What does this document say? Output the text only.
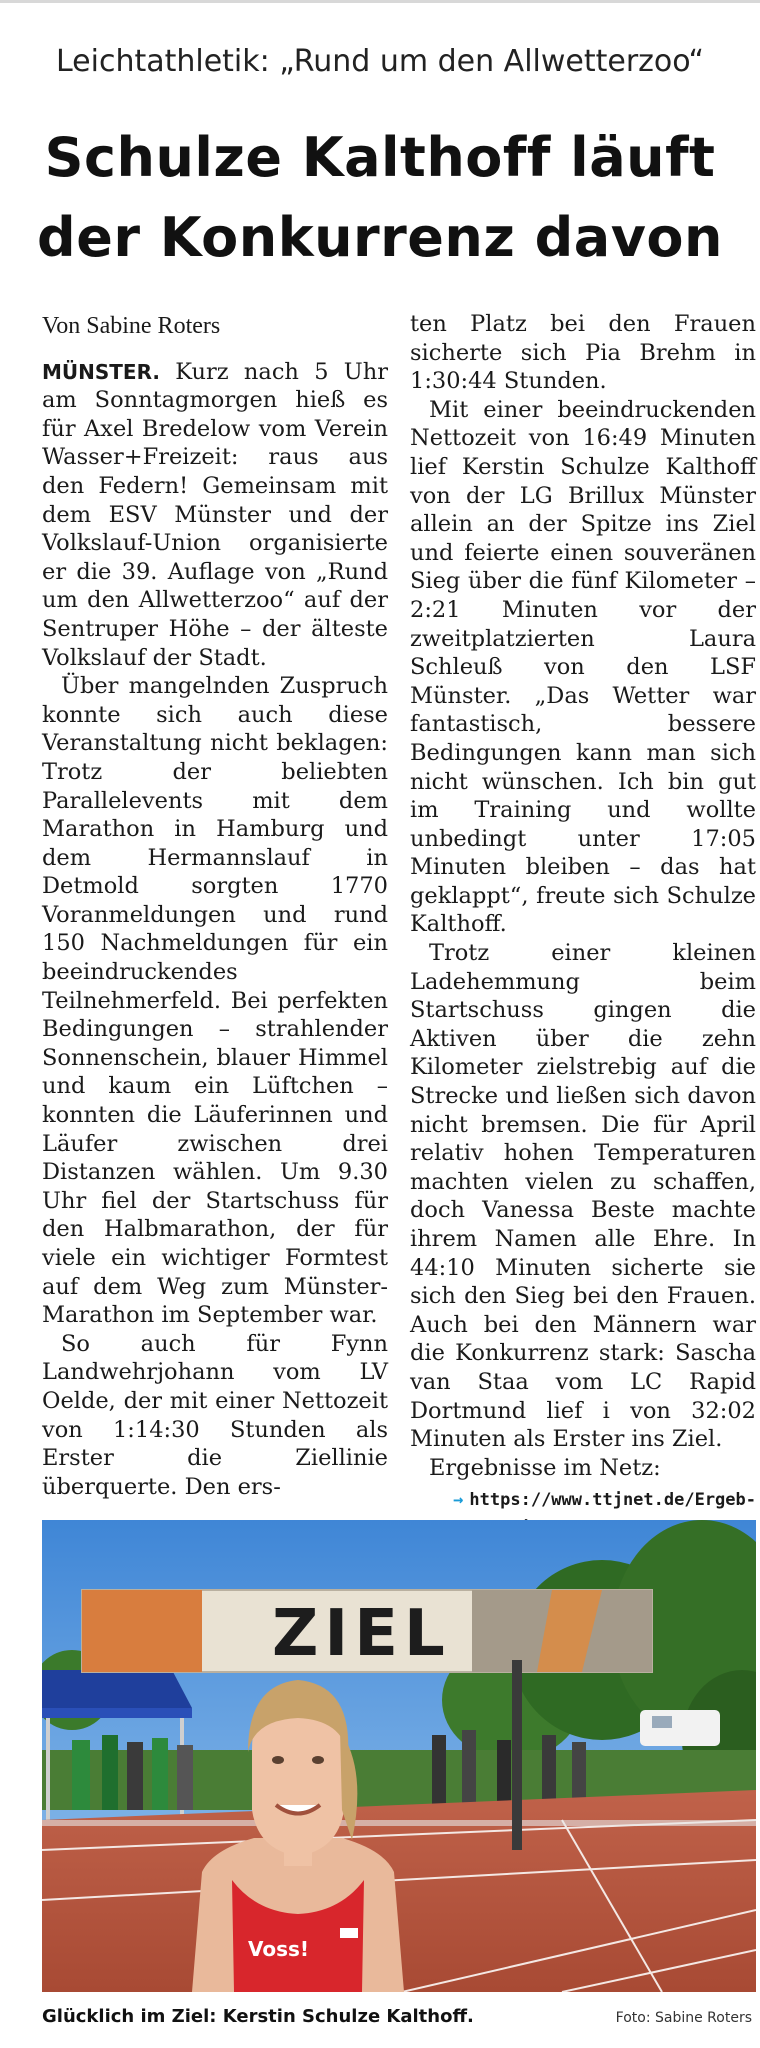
Leichtathletik: „Rund um den Allwetterzoo“
Schulze Kalthoff läuft
der Konkurrenz davon
Von Sabine Roters

MÜNSTER. Kurz nach 5 Uhr am Sonntagmorgen hieß es für Axel Bredelow vom Verein Wasser+Freizeit: raus aus den Federn! Gemeinsam mit dem ESV Münster und der Volkslauf-Union organisierte er die 39. Auflage von „Rund um den Allwetterzoo“ auf der Sentruper Höhe – der älteste Volkslauf der Stadt.

Über mangelnden Zuspruch konnte sich auch diese Veranstaltung nicht beklagen: Trotz der beliebten Parallelevents mit dem Marathon in Hamburg und dem Hermannslauf in Detmold sorgten 1770 Voranmeldungen und rund 150 Nachmeldungen für ein beeindruckendes Teilnehmerfeld. Bei perfekten Bedingungen – strahlender Sonnenschein, blauer Himmel und kaum ein Lüftchen – konnten die Läuferinnen und Läufer zwischen drei Distanzen wählen. Um 9.30 Uhr fiel der Startschuss für den Halbmarathon, der für viele ein wichtiger Formtest auf dem Weg zum Münster-Marathon im September war.

So auch für Fynn Landwehrjohann vom LV Oelde, der mit einer Nettozeit von 1:14:30 Stunden als Erster die Ziellinie überquerte. Den ers-

ten Platz bei den Frauen sicherte sich Pia Brehm in 1:30:44 Stunden.

Mit einer beeindruckenden Nettozeit von 16:49 Minuten lief Kerstin Schulze Kalthoff von der LG Brillux Münster allein an der Spitze ins Ziel und feierte einen souveränen Sieg über die fünf Kilometer – 2:21 Minuten vor der zweitplatzierten Laura Schleuß von den LSF Münster. „Das Wetter war fantastisch, bessere Bedingungen kann man sich nicht wünschen. Ich bin gut im Training und wollte unbedingt unter 17:05 Minuten bleiben – das hat geklappt“, freute sich Schulze Kalthoff.

Trotz einer kleinen Ladehemmung beim Startschuss gingen die Aktiven über die zehn Kilometer zielstrebig auf die Strecke und ließen sich davon nicht bremsen. Die für April relativ hohen Temperaturen machten vielen zu schaffen, doch Vanessa Beste machte ihrem Namen alle Ehre. In 44:10 Minuten sicherte sie sich den Sieg bei den Frauen. Auch bei den Männern war die Konkurrenz stark: Sascha van Staa vom LC Rapid Dortmund lief i von 32:02 Minuten als Erster ins Ziel.

Ergebnisse im Netz:

→ https://www.ttjnet.de/Ergeb-
ZIEL
Voss!
Glücklich im Ziel: Kerstin Schulze Kalthoff.	Foto: Sabine Roters
